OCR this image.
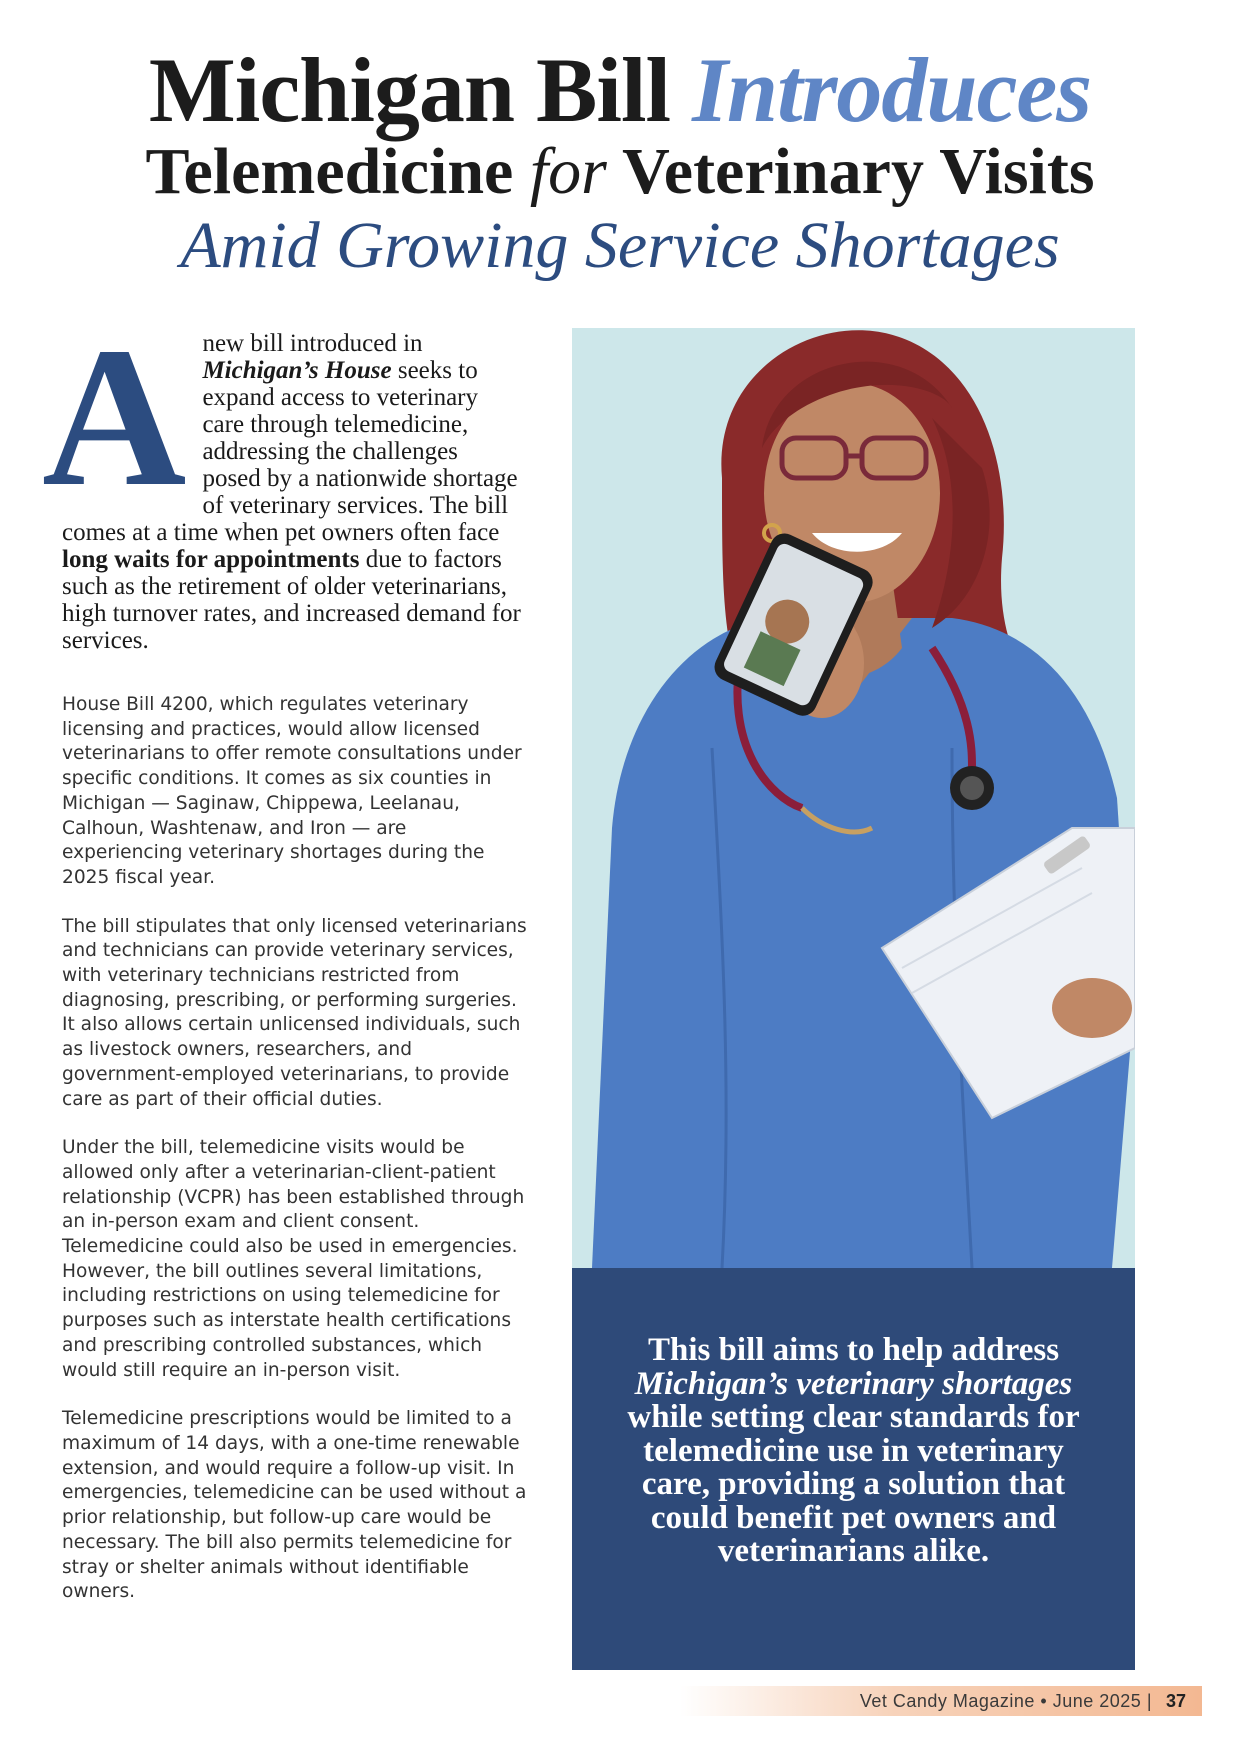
Michigan Bill Introduces
Telemedicine for Veterinary Visits
Amid Growing Service Shortages
Anew bill introduced in Michigan’s House seeks to expand access to veterinary care through telemedicine, addressing the challenges posed by a nationwide shortage of veterinary services. The bill comes at a time when pet owners often face long waits for appointments due to factors such as the retirement of older veterinarians, high turnover rates, and increased demand for services.

House Bill 4200, which regulates veterinary licensing and practices, would allow licensed veterinarians to offer remote consultations under specific conditions. It comes as six counties in Michigan — Saginaw, Chippewa, Leelanau, Calhoun, Washtenaw, and Iron — are experiencing veterinary shortages during the 2025 fiscal year.

The bill stipulates that only licensed veterinarians and technicians can provide veterinary services, with veterinary technicians restricted from diagnosing, prescribing, or performing surgeries. It also allows certain unlicensed individuals, such as livestock owners, researchers, and government-employed veterinarians, to provide care as part of their official duties.

Under the bill, telemedicine visits would be allowed only after a veterinarian-client-patient relationship (VCPR) has been established through an in-person exam and client consent. Telemedicine could also be used in emergencies. However, the bill outlines several limitations, including restrictions on using telemedicine for purposes such as interstate health certifications and prescribing controlled substances, which would still require an in-person visit.

Telemedicine prescriptions would be limited to a maximum of 14 days, with a one-time renewable extension, and would require a follow-up visit. In emergencies, telemedicine can be used without a prior relationship, but follow-up care would be necessary. The bill also permits telemedicine for stray or shelter animals without identifiable owners.

This bill aims to help address Michigan’s veterinary shortages while setting clear standards for telemedicine use in veterinary care, providing a solution that could benefit pet owners and veterinarians alike.
Vet Candy Magazine • June 2025 | 37
